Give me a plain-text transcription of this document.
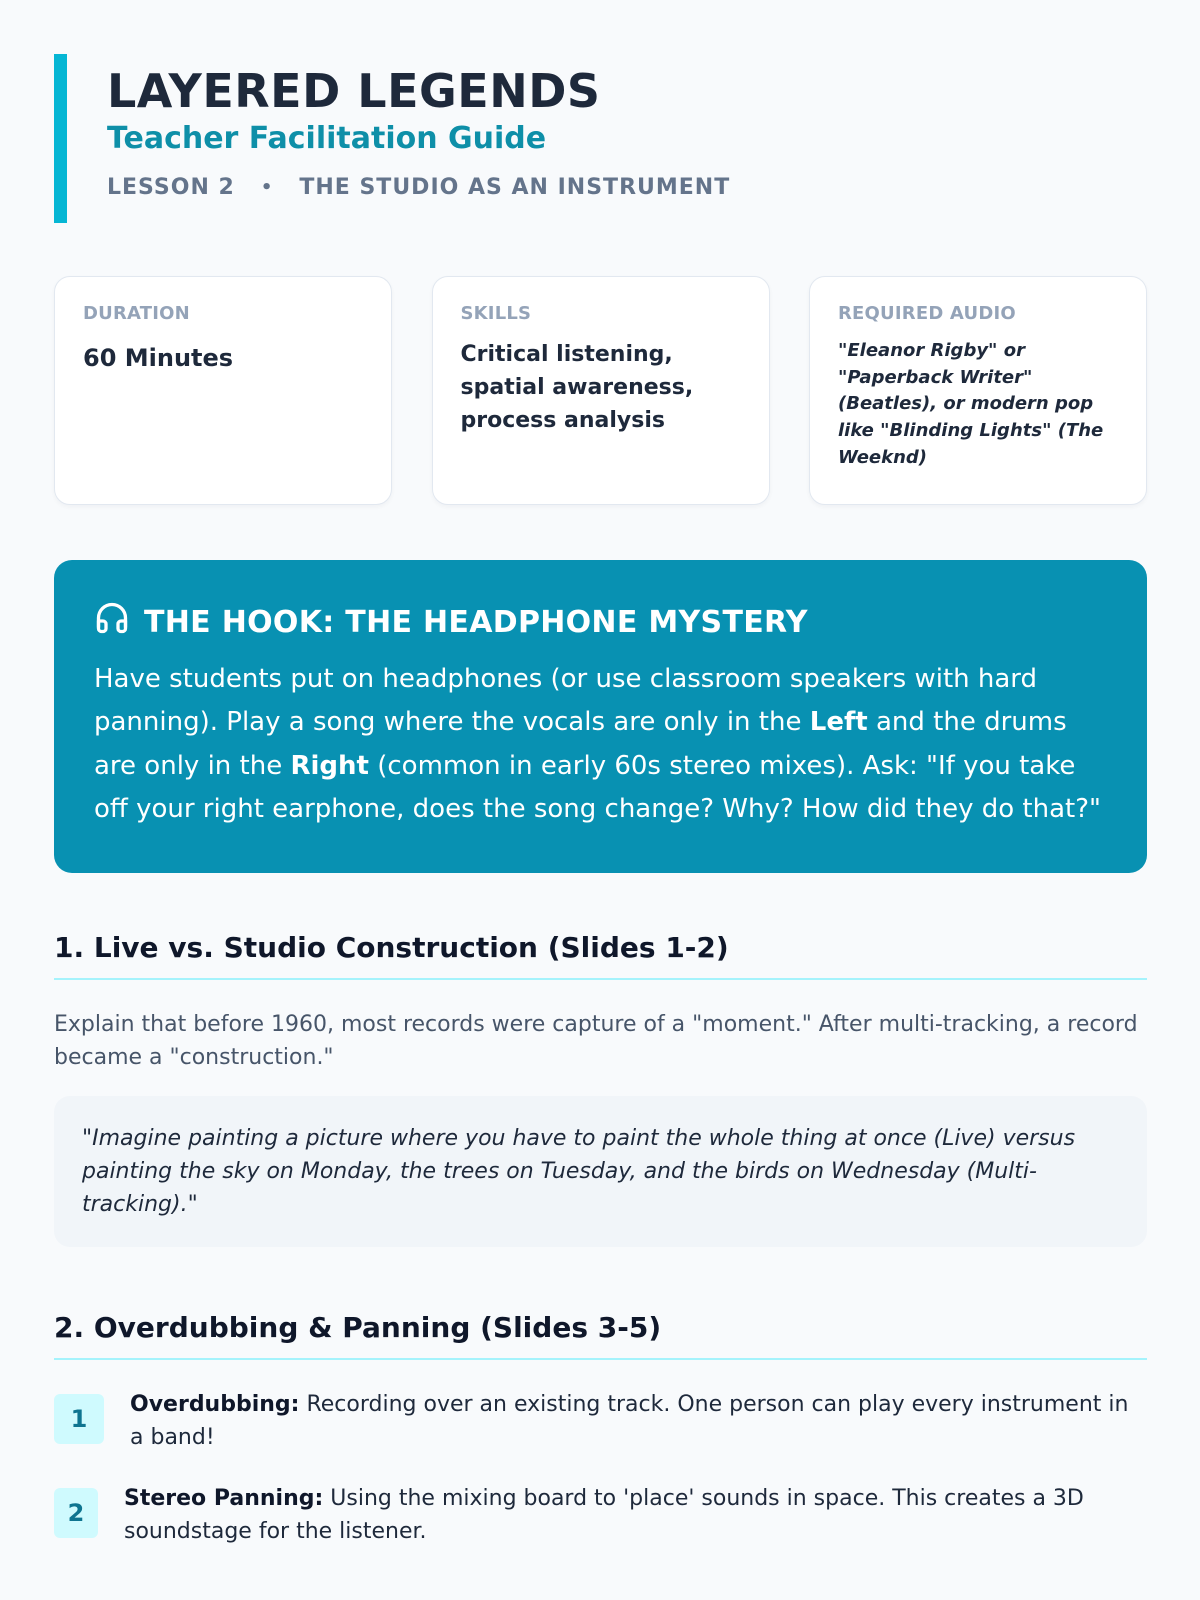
LAYERED LEGENDS
Teacher Facilitation Guide
LESSON 2 • THE STUDIO AS AN INSTRUMENT
DURATION
60 Minutes
SKILLS
Critical listening, spatial awareness, process analysis
REQUIRED AUDIO
"Eleanor Rigby" or "Paperback Writer" (Beatles), or modern pop like "Blinding Lights" (The Weeknd)
THE HOOK: THE HEADPHONE MYSTERY

Have students put on headphones (or use classroom speakers with hard panning). Play a song where the vocals are only in the Left and the drums are only in the Right (common in early 60s stereo mixes). Ask: "If you take off your right earphone, does the song change? Why? How did they do that?"

1. Live vs. Studio Construction (Slides 1-2)

Explain that before 1960, most records were capture of a "moment." After multi-tracking, a record became a "construction."

"Imagine painting a picture where you have to paint the whole thing at once (Live) versus painting the sky on Monday, the trees on Tuesday, and the birds on Wednesday (Multi-tracking)."
2. Overdubbing & Panning (Slides 3-5)
1

Overdubbing: Recording over an existing track. One person can play every instrument in a band!

2

Stereo Panning: Using the mixing board to 'place' sounds in space. This creates a 3D soundstage for the listener.
